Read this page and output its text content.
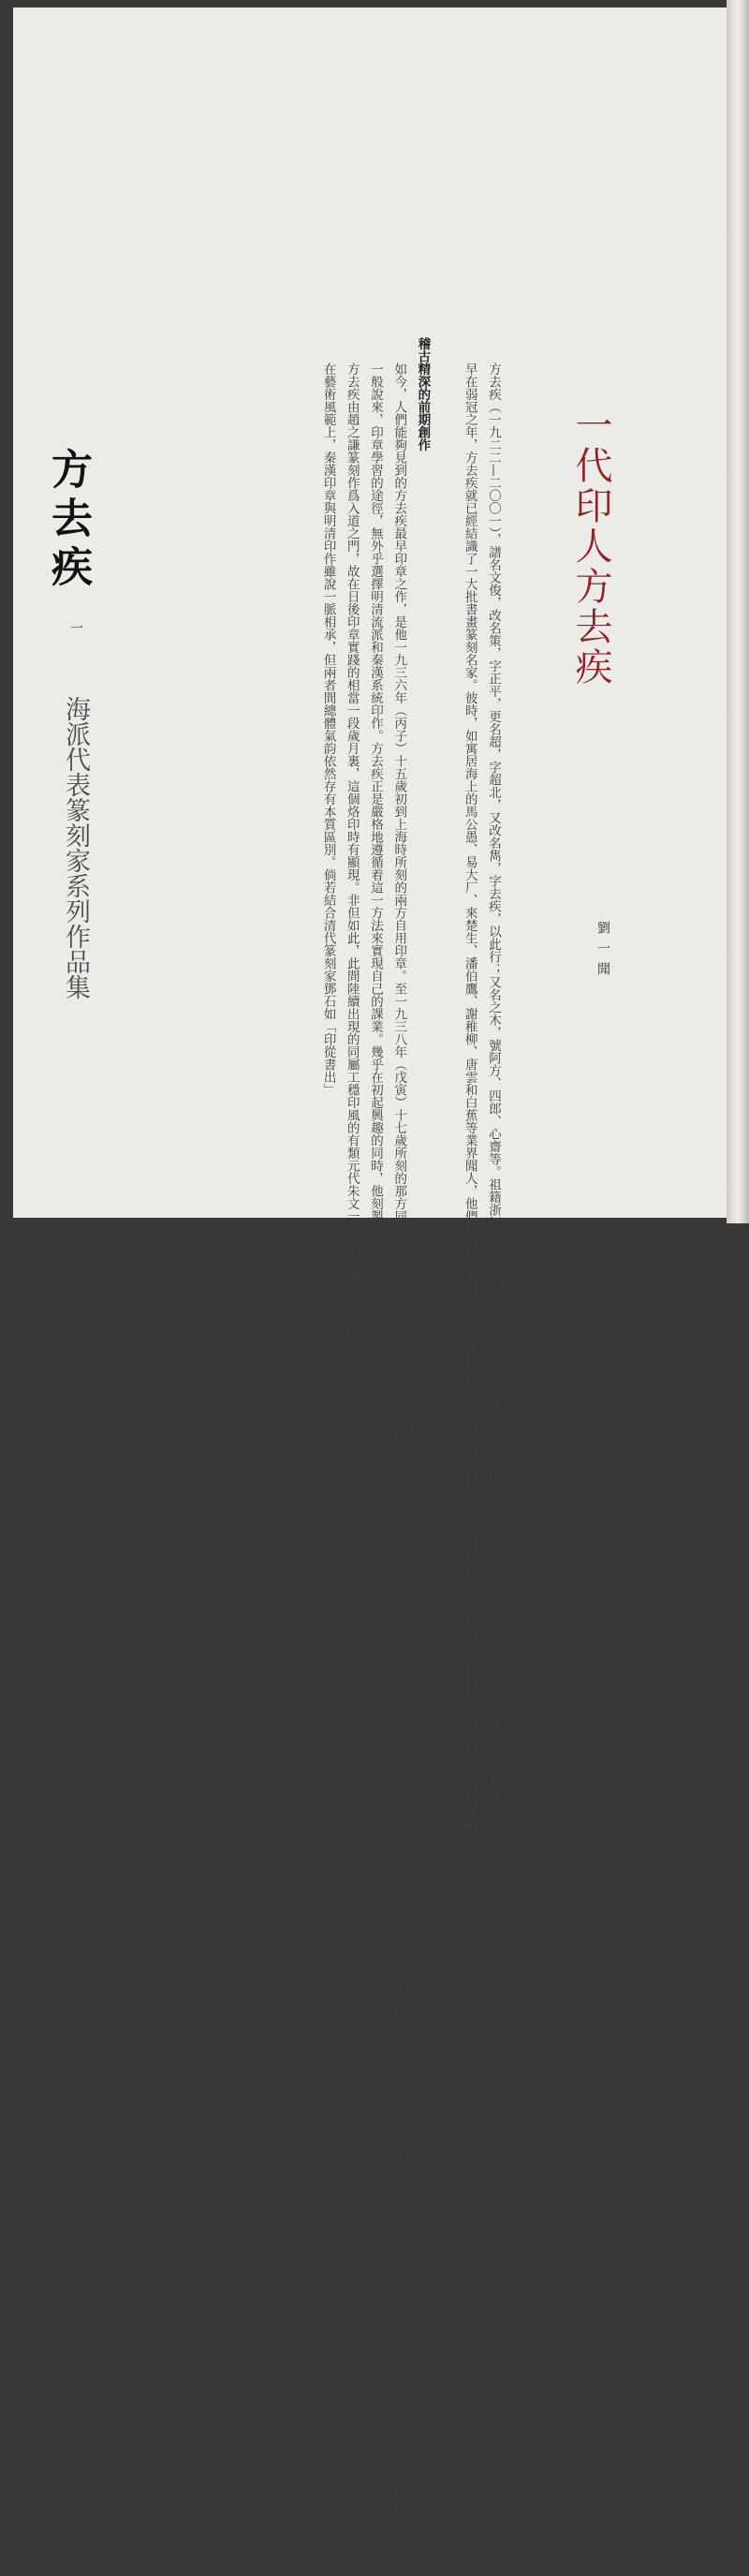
一代印人方去疾
劉一聞

方去疾（一九二二—二〇〇一），譜名文俊，改名策，字正平，更名超，字超北，又改名雋，字去疾，以此行；又名之木，號阿方、四郎、心齋等。祖籍浙江泰順，出生於溫州。我國當代著名篆刻家、印學理論家和書法家。自幼性喜刻印，十四歲赴滬協同胞兄方節庵在上海漢口路開設「宣和印社」，自此開始了與印章密不可分的漫長生涯。

早在弱冠之年，方去疾就已經結識了一大批書畫篆刻名家。彼時，如寓居海上的馬公愚、易大厂、來楚生、潘伯鷹、謝稚柳、唐雲和白蕉等業界聞人，他們皆因印章藝術而先後彼此結緣。毫無疑問，這些前輩人物對於年少方去疾的關懷和日後成長，自有不可估量的意義。

稽古精深的前期創作

如今，人們能夠見到的方去疾最早印章之作，是他一九三六年（丙子）十五歲初到上海時所刻的兩方自用印章。至一九三八年（戊寅）十七歲所刻的那方同爲「正乎」印文的朱文印，是他避難溫州越年回滬後補款的另一方自用印。此間相隔雖兩年半光景，但後者明顯已脫稚氣。尤其是他作於十七歲時那方人所爭誇的「正乎傳拓」寬邊朱文，無疑標志着作者正邁步於動履規繩不失格軌的創作之道。

一般說來，印章學習的途徑，無外乎選擇明清流派和秦漢系統印作。方去疾正是嚴格地遵循着這一方法來實現自己的課業。幾乎在初起興趣的同時，他刻製了若干模擬有清一代大家趙之謙的原作和效法趙氏風貌的如「趙之謙印」「悲盦」「抱殘守闕」「節盦印泥」等印作。這使他在刀筆運用和章法布置上日勝一日地漸入佳境。

方去疾由趙之謙篆刻作爲入道之門，故在日後印章實踐的相當一段歲月裏，這個烙印時有顯現。非但如此，此間陸續出現的同屬工穩印風的有類元代朱文一式，不久也成了他的嘗試對象。

在藝術風範上，秦漢印章與明清印作雖說一脈相承，但兩者間總體氣韵依然存有本質區別。倘若結合清代篆刻家鄧石如「印從書出」

方去疾
一
海派代表篆刻家系列作品集
